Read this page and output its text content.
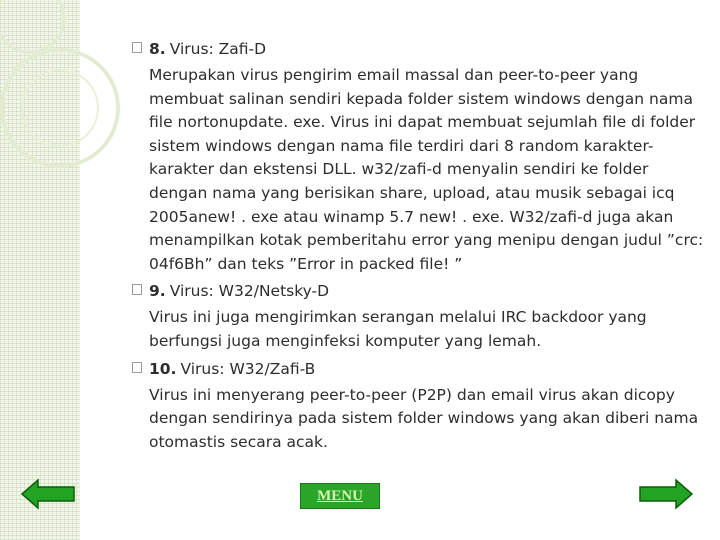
8. Virus: Zafi-D
Merupakan virus pengirim email massal dan peer-to-peer yang membuat salinan sendiri kepada folder sistem windows dengan nama file nortonupdate. exe. Virus ini dapat membuat sejumlah file di folder sistem windows dengan nama file terdiri dari 8 random karakter-karakter dan ekstensi DLL. w32/zafi-d menyalin sendiri ke folder dengan nama yang berisikan share, upload, atau musik sebagai icq 2005anew! . exe atau winamp 5.7 new! . exe. W32/zafi-d juga akan menampilkan kotak pemberitahu error yang menipu dengan judul ”crc: 04f6Bh” dan teks ”Error in packed file! ”
9. Virus: W32/Netsky-D
Virus ini juga mengirimkan serangan melalui IRC backdoor yang berfungsi juga menginfeksi komputer yang lemah.
10. Virus: W32/Zafi-B
Virus ini menyerang peer-to-peer (P2P) dan email virus akan dicopy dengan sendirinya pada sistem folder windows yang akan diberi nama otomastis secara acak.
MENU
